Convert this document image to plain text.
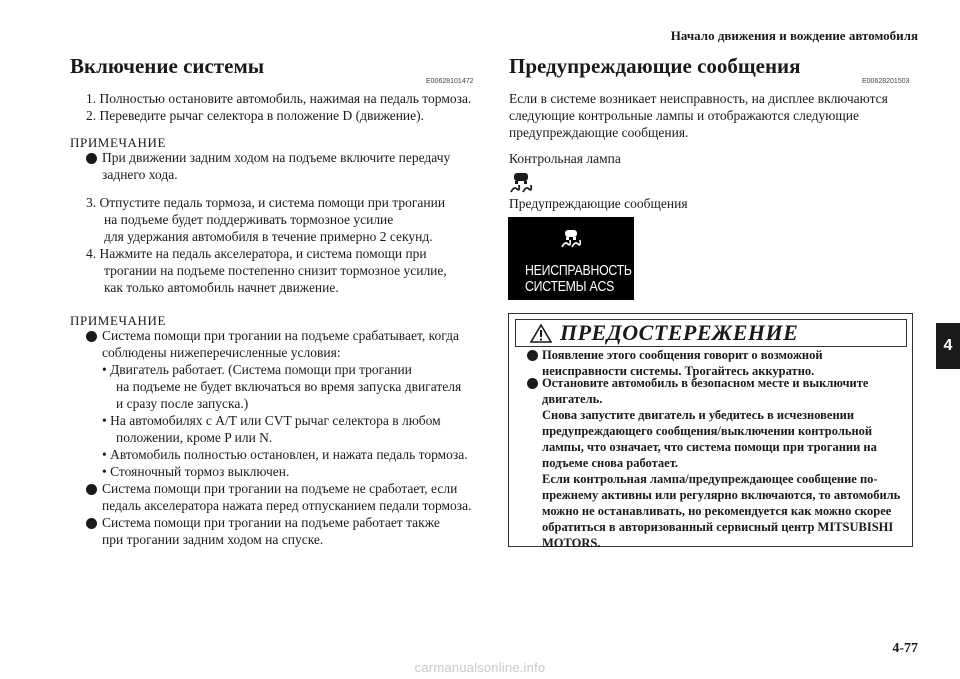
Начало движения и вождение автомобиля
4
Включение системы
E00628101472
1. Полностью остановите автомобиль, нажимая на педаль тормоза.
2. Переведите рычаг селектора в положение D (движение).
ПРИМЕЧАНИЕ
При движении задним ходом на подъеме включите передачу
заднего хода.
3. Отпустите педаль тормоза, и система помощи при трогании
на подъеме будет поддерживать тормозное усилие
для удержания автомобиля в течение примерно 2 секунд.
4. Нажмите на педаль акселератора, и система помощи при
трогании на подъеме постепенно снизит тормозное усилие,
как только автомобиль начнет движение.
ПРИМЕЧАНИЕ
Система помощи при трогании на подъеме срабатывает, когда
соблюдены нижеперечисленные условия:
• Двигатель работает. (Система помощи при трогании
на подъеме не будет включаться во время запуска двигателя
и сразу после запуска.)
• На автомобилях с A/T или CVT рычаг селектора в любом
положении, кроме P или N.
• Автомобиль полностью остановлен, и нажата педаль тормоза.
• Стояночный тормоз выключен.
Система помощи при трогании на подъеме не сработает, если
педаль акселератора нажата перед отпусканием педали тормоза.
Система помощи при трогании на подъеме работает также
при трогании задним ходом на спуске.
Предупреждающие сообщения
E00628201503
Если в системе возникает неисправность, на дисплее включаются
следующие контрольные лампы и отображаются следующие
предупреждающие сообщения.
Контрольная лампа
Предупреждающие сообщения
НЕИСПРАВНОСТЬ
СИСТЕМЫ ACS
ПРЕДОСТЕРЕЖЕНИЕ
Появление этого сообщения говорит о возможной
неисправности системы. Трогайтесь аккуратно.
Остановите автомобиль в безопасном месте и выключите
двигатель.
Снова запустите двигатель и убедитесь в исчезновении
предупреждающего сообщения/выключении контрольной
лампы, что означает, что система помощи при трогании на
подъеме снова работает.
Если контрольная лампа/предупреждающее сообщение по-
прежнему активны или регулярно включаются, то автомобиль
можно не останавливать, но рекомендуется как можно скорее
обратиться в авторизованный сервисный центр MITSUBISHI
MOTORS.
4-77
carmanualsonline.info
